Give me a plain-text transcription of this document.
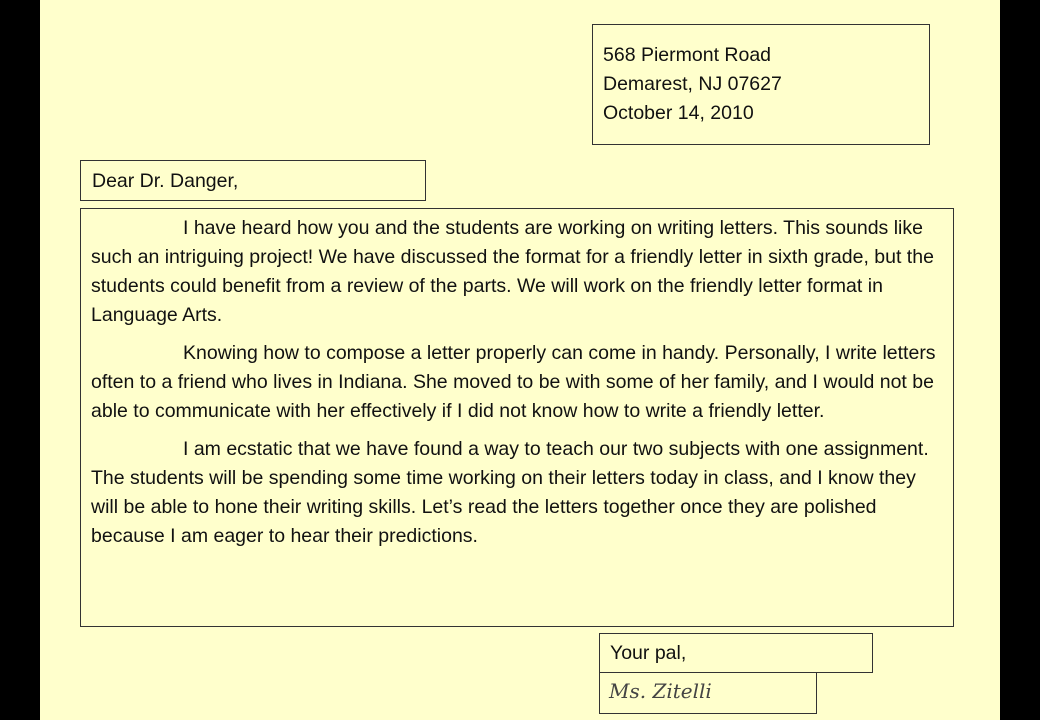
568 Piermont Road
Demarest, NJ 07627
October 14, 2010
Dear Dr. Danger,

I have heard how you and the students are working on writing letters. This sounds like such an intriguing project! We have discussed the format for a friendly letter in sixth grade, but the students could benefit from a review of the parts. We will work on the friendly letter format in Language Arts.

Knowing how to compose a letter properly can come in handy. Personally, I write letters often to a friend who lives in Indiana. She moved to be with some of her family, and I would not be able to communicate with her effectively if I did not know how to write a friendly letter.

I am ecstatic that we have found a way to teach our two subjects with one assignment. The students will be spending some time working on their letters today in class, and I know they will be able to hone their writing skills. Let’s read the letters together once they are polished because I am eager to hear their predictions.

Your pal,
Ms. Zitelli
